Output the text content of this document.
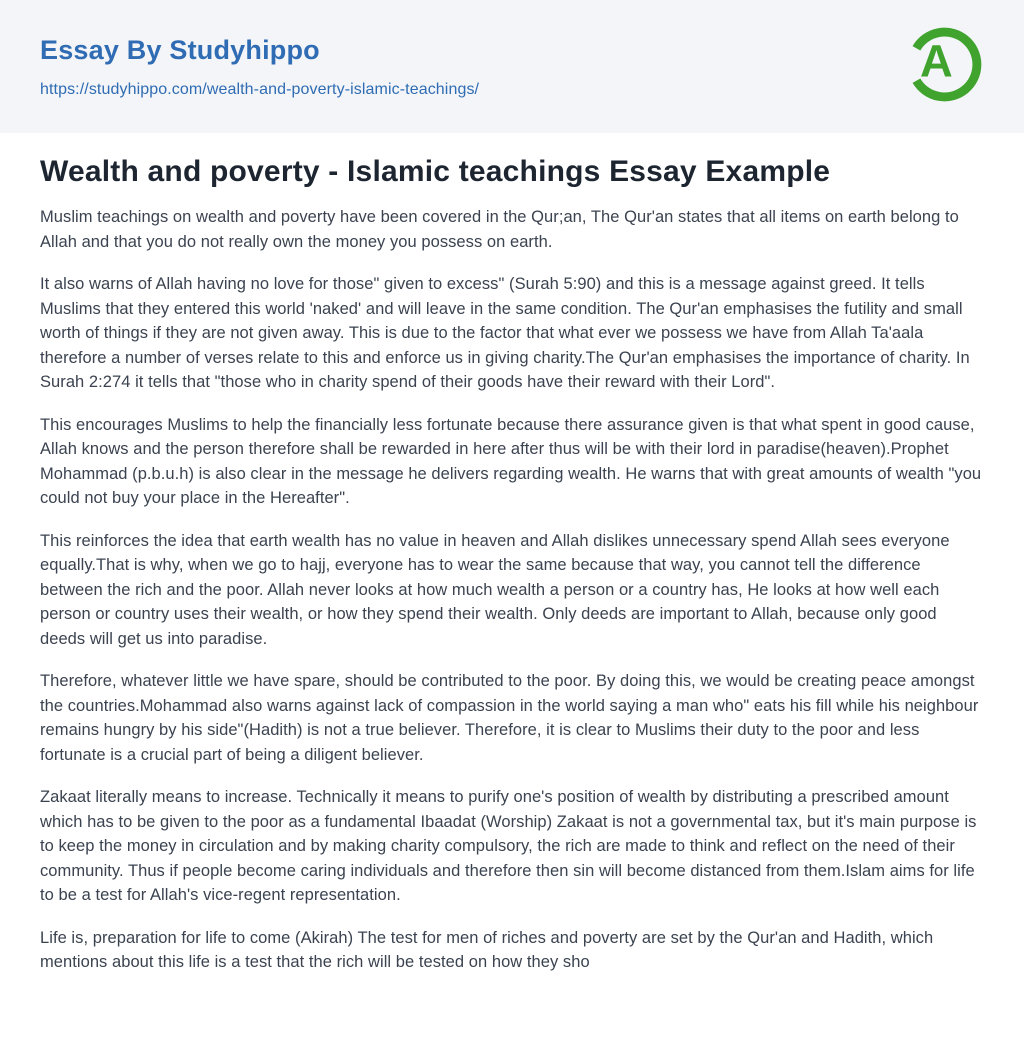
Essay By Studyhippo
https://studyhippo.com/wealth-and-poverty-islamic-teachings/
A
Wealth and poverty - Islamic teachings Essay Example

Muslim teachings on wealth and poverty have been covered in the Qur;an, The Qur'an states that all items on earth belong to Allah and that you do not really own the money you possess on earth.

It also warns of Allah having no love for those" given to excess" (Surah 5:90) and this is a message against greed. It tells Muslims that they entered this world 'naked' and will leave in the same condition. The Qur'an emphasises the futility and small worth of things if they are not given away. This is due to the factor that what ever we possess we have from Allah Ta'aala therefore a number of verses relate to this and enforce us in giving charity.The Qur'an emphasises the importance of charity. In Surah 2:274 it tells that "those who in charity spend of their goods have their reward with their Lord".

This encourages Muslims to help the financially less fortunate because there assurance given is that what spent in good cause, Allah knows and the person therefore shall be rewarded in here after thus will be with their lord in paradise(heaven).Prophet Mohammad (p.b.u.h) is also clear in the message he delivers regarding wealth. He warns that with great amounts of wealth "you could not buy your place in the Hereafter".

This reinforces the idea that earth wealth has no value in heaven and Allah dislikes unnecessary spend Allah sees everyone equally.That is why, when we go to hajj, everyone has to wear the same because that way, you cannot tell the difference between the rich and the poor. Allah never looks at how much wealth a person or a country has, He looks at how well each person or country uses their wealth, or how they spend their wealth. Only deeds are important to Allah, because only good deeds will get us into paradise.

Therefore, whatever little we have spare, should be contributed to the poor. By doing this, we would be creating peace amongst the countries.Mohammad also warns against lack of compassion in the world saying a man who" eats his fill while his neighbour remains hungry by his side"(Hadith) is not a true believer. Therefore, it is clear to Muslims their duty to the poor and less fortunate is a crucial part of being a diligent believer.

Zakaat literally means to increase. Technically it means to purify one's position of wealth by distributing a prescribed amount which has to be given to the poor as a fundamental Ibaadat (Worship) Zakaat is not a governmental tax, but it's main purpose is to keep the money in circulation and by making charity compulsory, the rich are made to think and reflect on the need of their community. Thus if people become caring individuals and therefore then sin will become distanced from them.Islam aims for life to be a test for Allah's vice-regent representation.

Life is, preparation for life to come (Akirah) The test for men of riches and poverty are set by the Qur'an and Hadith, which mentions about this life is a test that the rich will be tested on how they sho
